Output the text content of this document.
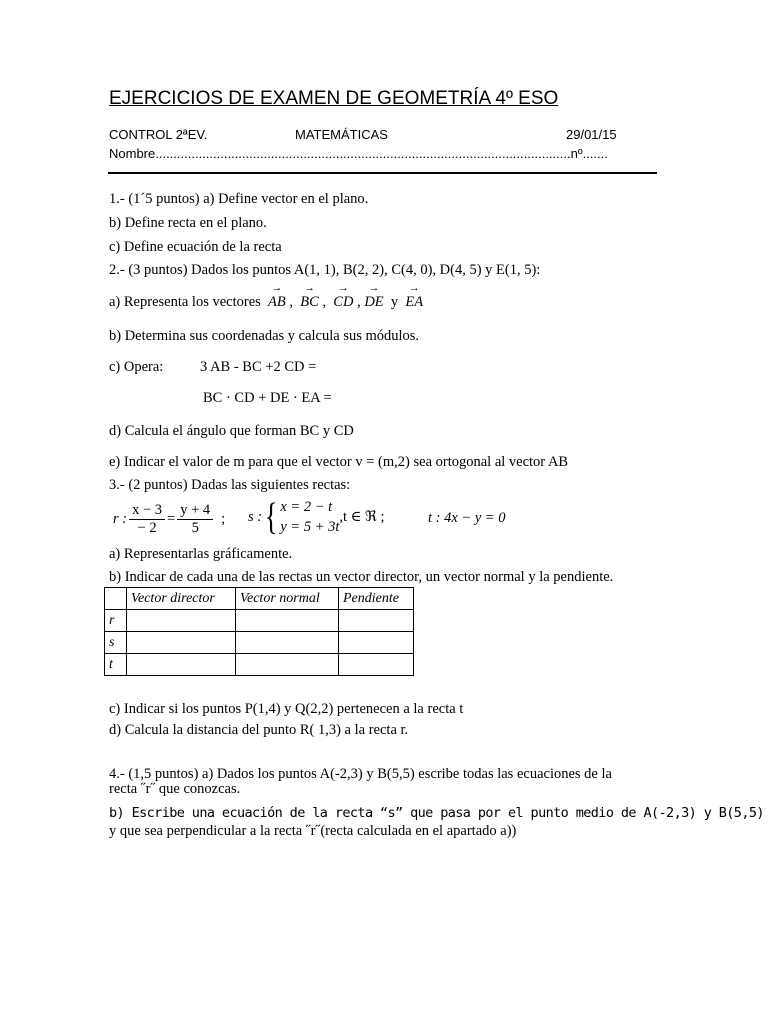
EJERCICIOS DE EXAMEN DE GEOMETRÍA 4º ESO
CONTROL 2ªEV.	MATEMÁTICAS	29/01/15
Nombre...................................................................................................................nº.......
1.- (1´5 puntos) a) Define vector en el plano.
b) Define recta en el plano.
c) Define ecuación de la recta
2.- (3 puntos) Dados los puntos A(1, 1), B(2, 2), C(4, 0), D(4, 5) y E(1, 5):
a) Representa los vectores → AB ,  → BC ,  → CD , → DE  y  → EA
b) Determina sus coordenadas y calcula sus módulos.
c) Opera:	3 AB - BC +2 CD =
BC · CD + DE · EA =
d) Calcula el ángulo que forman BC y CD
e) Indicar el valor de m para que el vector v = (m,2) sea ortogonal al vector AB
3.- (2 puntos) Dadas las siguientes rectas:
r : $\frac{x - 3}{- 2} = \frac{y + 4}{5}$ ; s : { x = 2 − t
y = 5 + 3t
,t ∈ ℜ ;	t : 4x − y = 0
a) Representarlas gráficamente.
b) Indicar de cada una de las rectas un vector director, un vector normal y la pendiente.
	Vector director	Vector normal	Pendiente
r			
s			
t			
c) Indicar si los puntos P(1,4) y Q(2,2) pertenecen a la recta t
d) Calcula la distancia del punto R( 1,3) a la recta r.
4.- (1,5 puntos) a) Dados los puntos A(-2,3) y B(5,5) escribe todas las ecuaciones de la
recta ˝r˝ que conozcas.
b) Escribe una ecuación de la recta “s” que pasa por el punto medio de A(-2,3) y B(5,5)
y que sea perpendicular a la recta ˝r˝(recta calculada en el apartado a))
